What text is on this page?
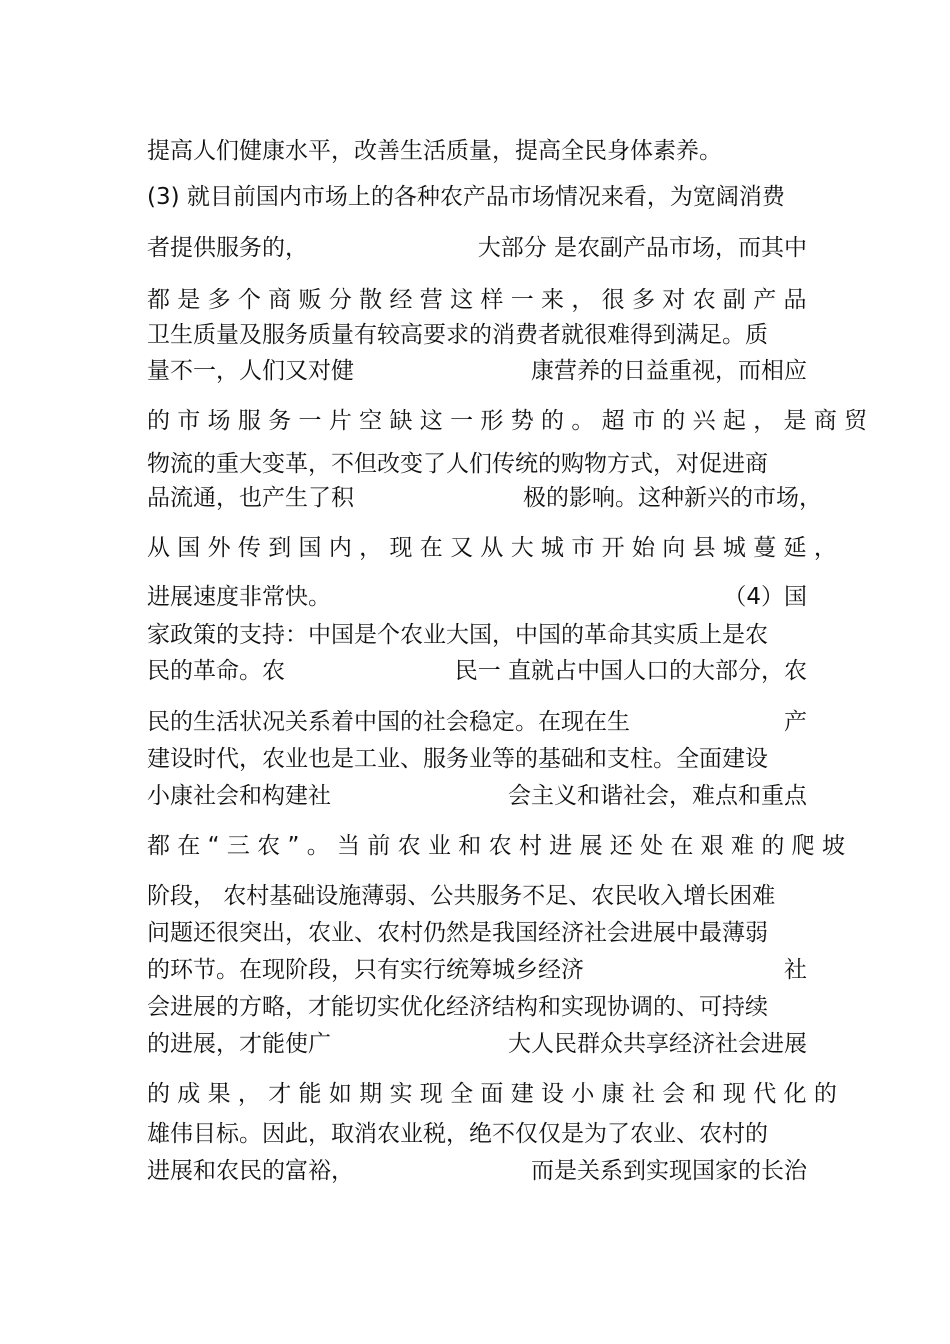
提高人们健康水平，改善生活质量，提高全民身体素养。
(3) 就目前国内市场上的各种农产品市场情况来看，为宽阔消费
者提供服务的，	大部分 是农副产品市场，而其中
都 是 多 个 商 贩 分 散 经 营 这 样 一 来 ， 很 多 对 农 副 产 品
卫生质量及服务质量有较高要求的消费者就很难得到满足。质
量不一，人们又对健	康营养的日益重视，而相应
的 市 场 服 务 一 片 空 缺 这 一 形 势 的 。 超 市 的 兴 起 ， 是 商 贸
物流的重大变革，不但改变了人们传统的购物方式，对促进商
品流通，也产生了积	极的影响。这种新兴的市场，
从 国 外 传 到 国 内 ， 现 在 又 从 大 城 市 开 始 向 县 城 蔓 延 ，
进展速度非常快。	（4）国
家政策的支持：中国是个农业大国，中国的革命其实质上是农
民的革命。农	民一 直就占中国人口的大部分，农
民的生活状况关系着中国的社会稳定。在现在生	产
建设时代，农业也是工业、服务业等的基础和支柱。全面建设
小康社会和构建社	会主义和谐社会，难点和重点
都 在 “ 三 农 ” 。 当 前 农 业 和 农 村 进 展 还 处 在 艰 难 的 爬 坡
阶段， 农村基础设施薄弱、公共服务不足、农民收入增长困难
问题还很突出，农业、农村仍然是我国经济社会进展中最薄弱
的环节。在现阶段，只有实行统筹城乡经济	社
会进展的方略，才能切实优化经济结构和实现协调的、可持续
的进展，才能使广	大人民群众共享经济社会进展
的 成 果 ， 才 能 如 期 实 现 全 面 建 设 小 康 社 会 和 现 代 化 的
雄伟目标。因此，取消农业税，绝不仅仅是为了农业、农村的
进展和农民的富裕，	而是关系到实现国家的长治
